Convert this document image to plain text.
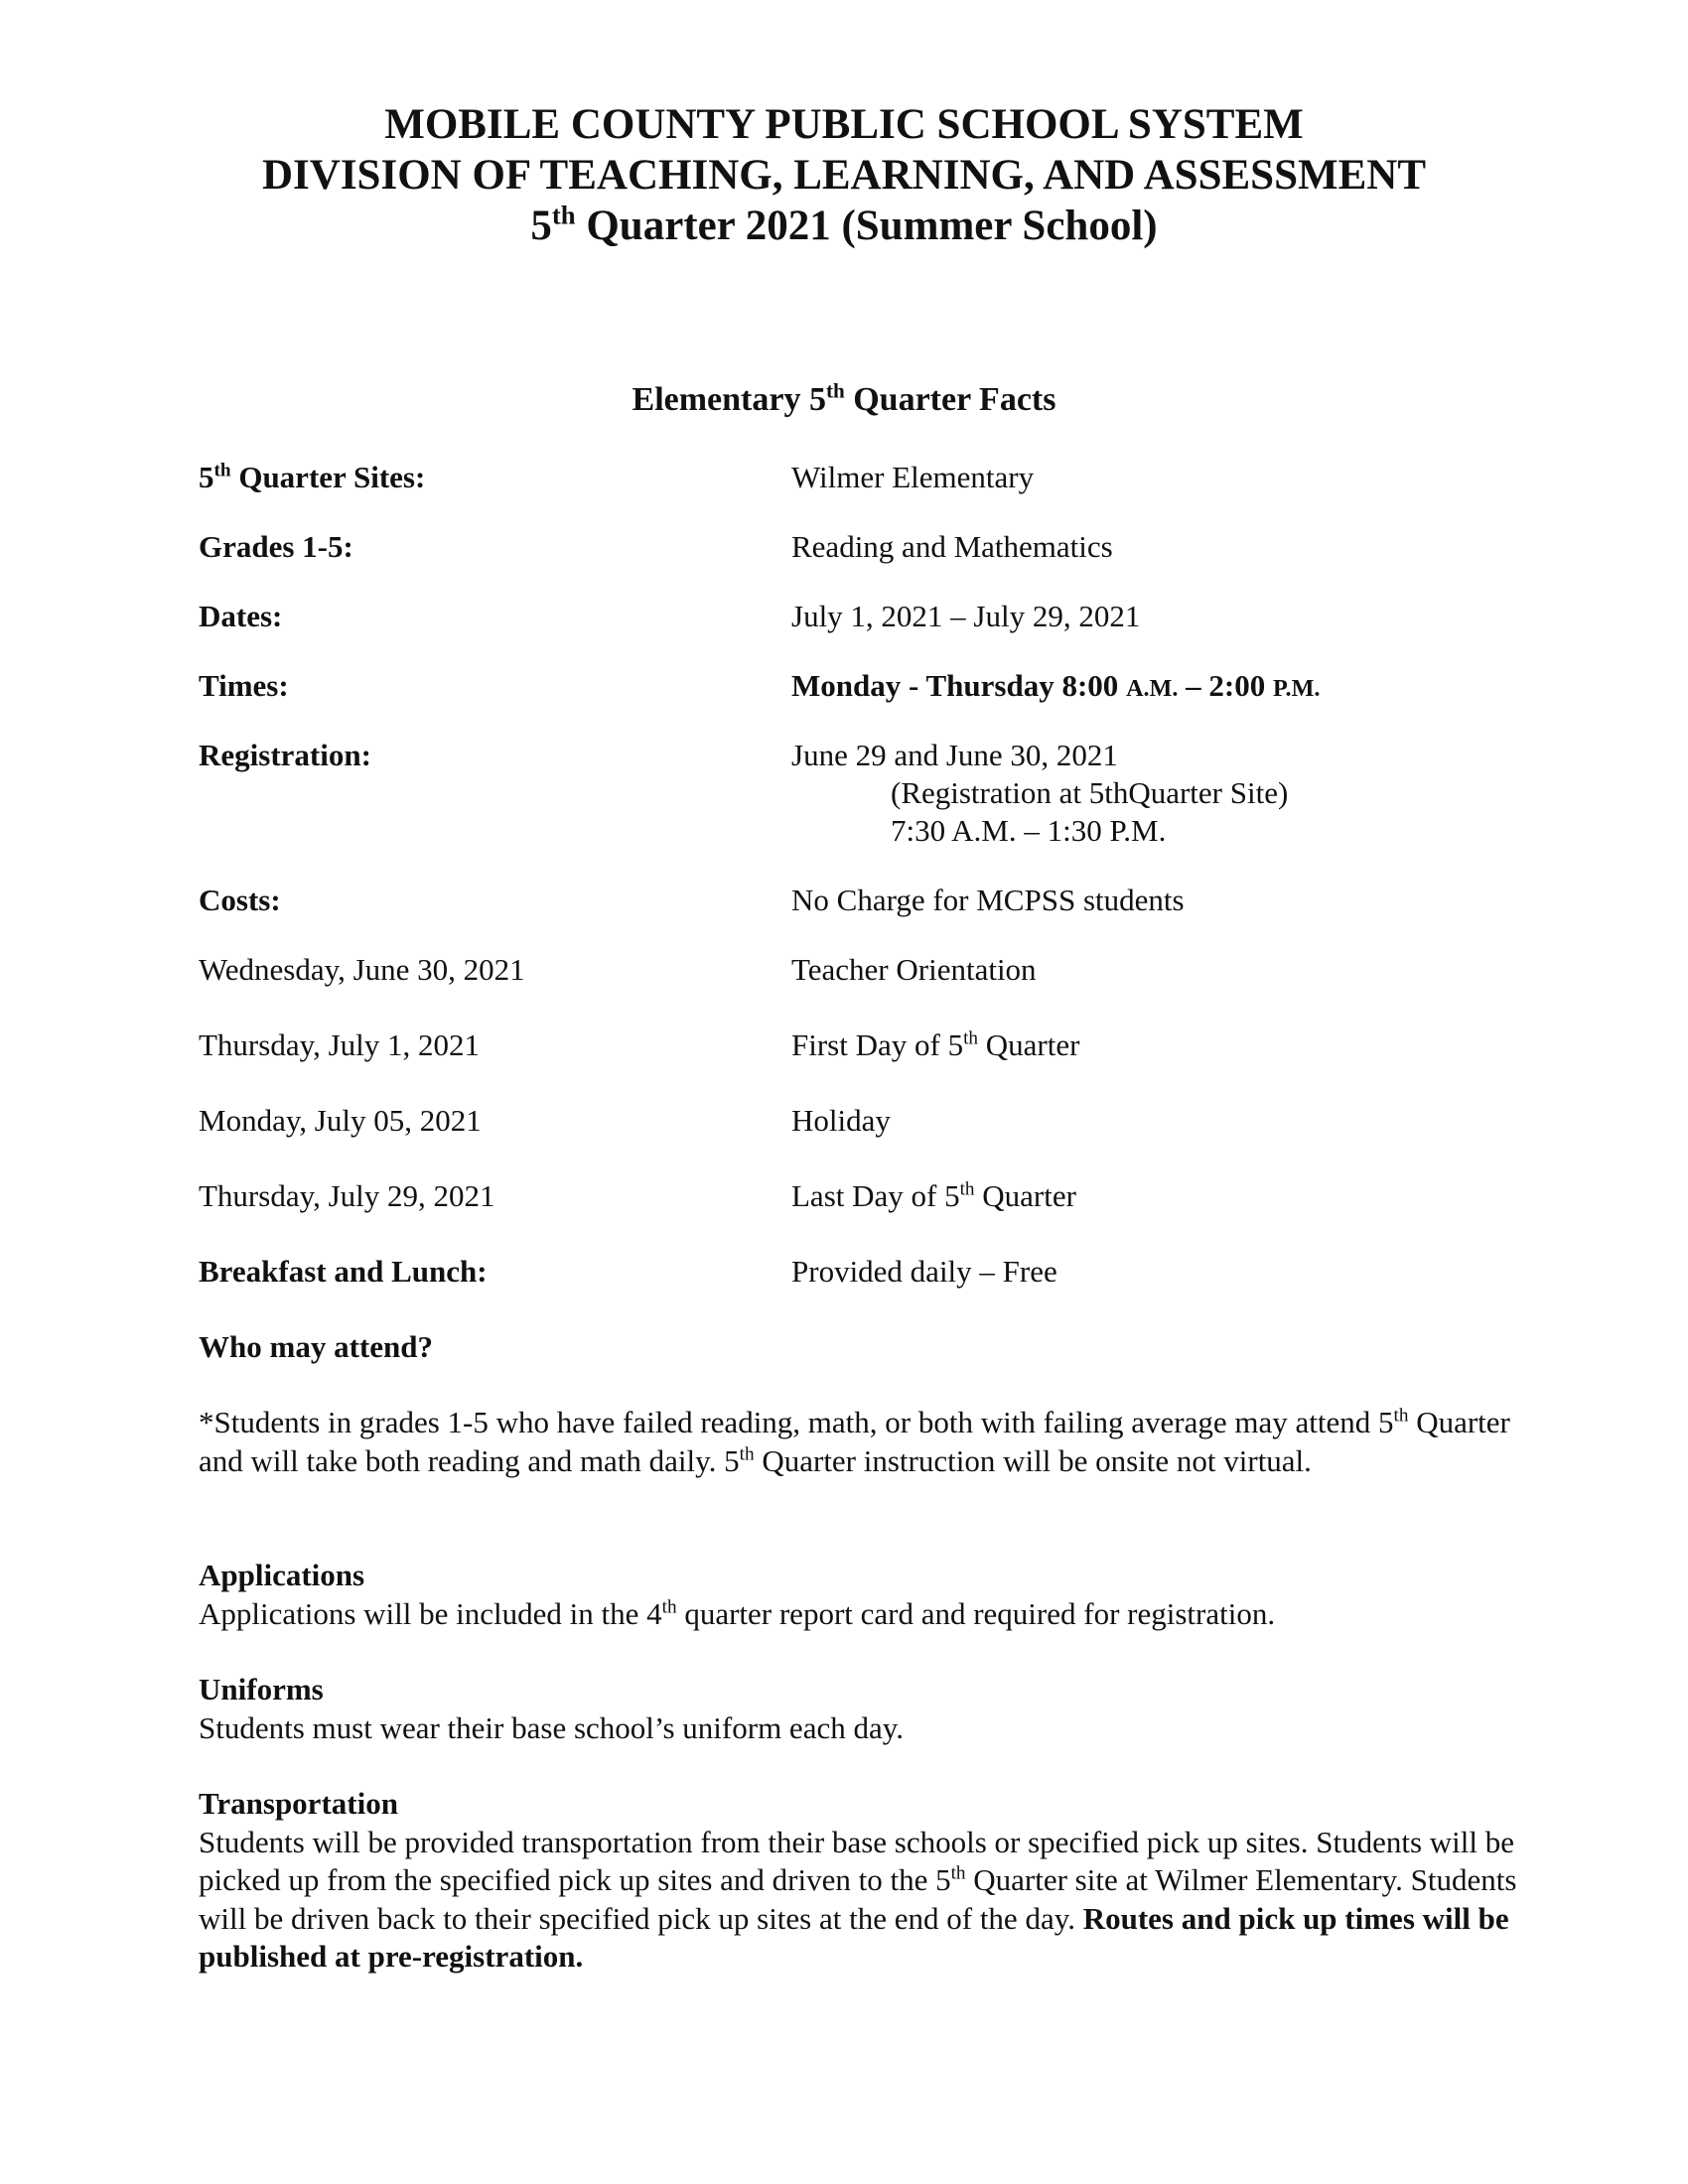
MOBILE COUNTY PUBLIC SCHOOL SYSTEM
DIVISION OF TEACHING, LEARNING, AND ASSESSMENT
5th Quarter 2021 (Summer School)
Elementary 5th Quarter Facts
5th Quarter Sites:	Wilmer Elementary
Grades 1-5:	Reading and Mathematics
Dates:	July 1, 2021 – July 29, 2021
Times:	Monday - Thursday 8:00 A.M. – 2:00 P.M.
Registration:	June 29 and June 30, 2021
(Registration at 5thQuarter Site)
7:30 A.M. – 1:30 P.M.
Costs:	No Charge for MCPSS students
Wednesday, June 30, 2021	Teacher Orientation
Thursday, July 1, 2021	First Day of 5th Quarter
Monday, July 05, 2021	Holiday
Thursday, July 29, 2021	Last Day of 5th Quarter
Breakfast and Lunch:	Provided daily – Free
Who may attend?

*Students in grades 1-5 who have failed reading, math, or both with failing average may attend 5th Quarter and will take both reading and math daily. 5th Quarter instruction will be onsite not virtual.

Applications

Applications will be included in the 4th quarter report card and required for registration.

Uniforms

Students must wear their base school’s uniform each day.

Transportation

Students will be provided transportation from their base schools or specified pick up sites. Students will be picked up from the specified pick up sites and driven to the 5th Quarter site at Wilmer Elementary. Students will be driven back to their specified pick up sites at the end of the day. Routes and pick up times will be published at pre-registration.
